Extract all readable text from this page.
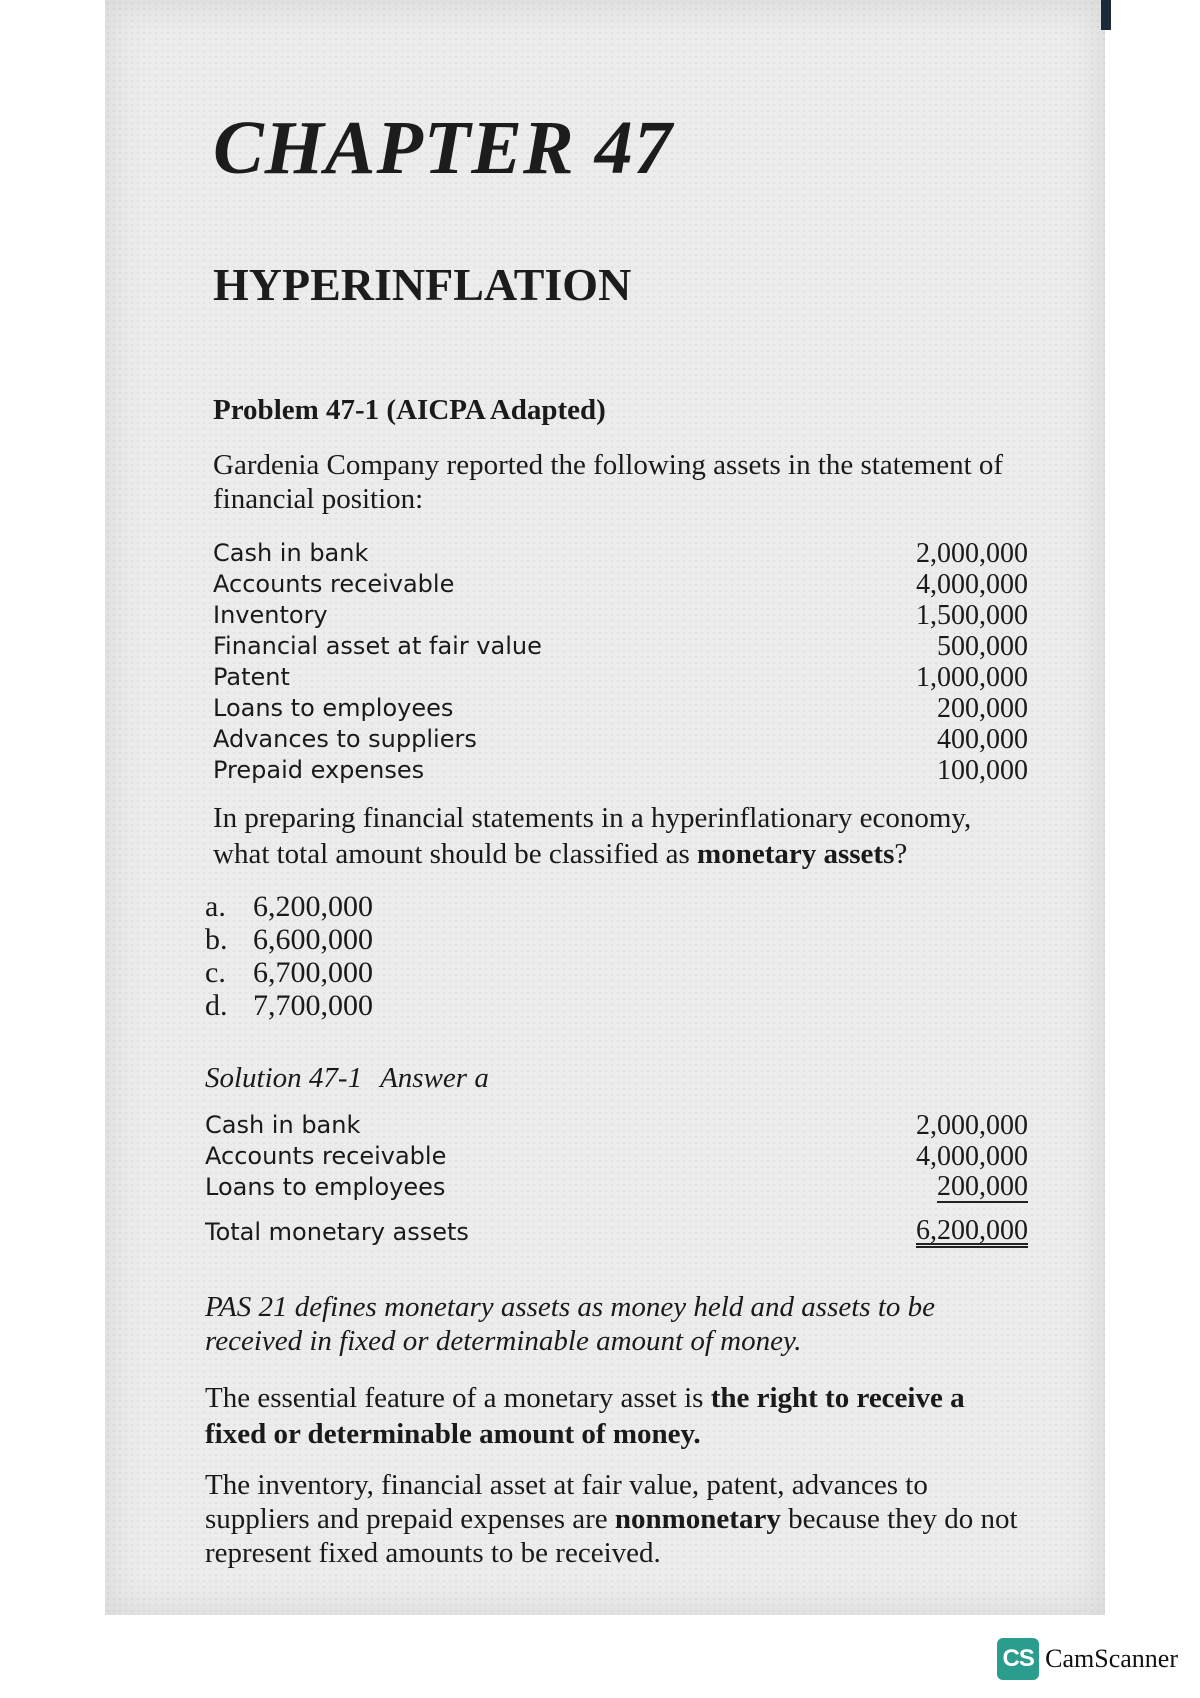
CHAPTER 47
HYPERINFLATION
Problem 47-1 (AICPA Adapted)
Gardenia Company reported the following assets in the statement of financial position:
Cash in bank	2,000,000
Accounts receivable	4,000,000
Inventory	1,500,000
Financial asset at fair value	500,000
Patent	1,000,000
Loans to employees	200,000
Advances to suppliers	400,000
Prepaid expenses	100,000
In preparing financial statements in a hyperinflationary economy, what total amount should be classified as monetary assets?
a. 6,200,000
b. 6,600,000
c. 6,700,000
d. 7,700,000
Solution 47-1 Answer a
Cash in bank	2,000,000
Accounts receivable	4,000,000
Loans to employees	200,000
Total monetary assets	6,200,000
PAS 21 defines monetary assets as money held and assets to be received in fixed or determinable amount of money.
The essential feature of a monetary asset is the right to receive a fixed or determinable amount of money.
The inventory, financial asset at fair value, patent, advances to suppliers and prepaid expenses are nonmonetary because they do not represent fixed amounts to be received.
CS CamScanner
